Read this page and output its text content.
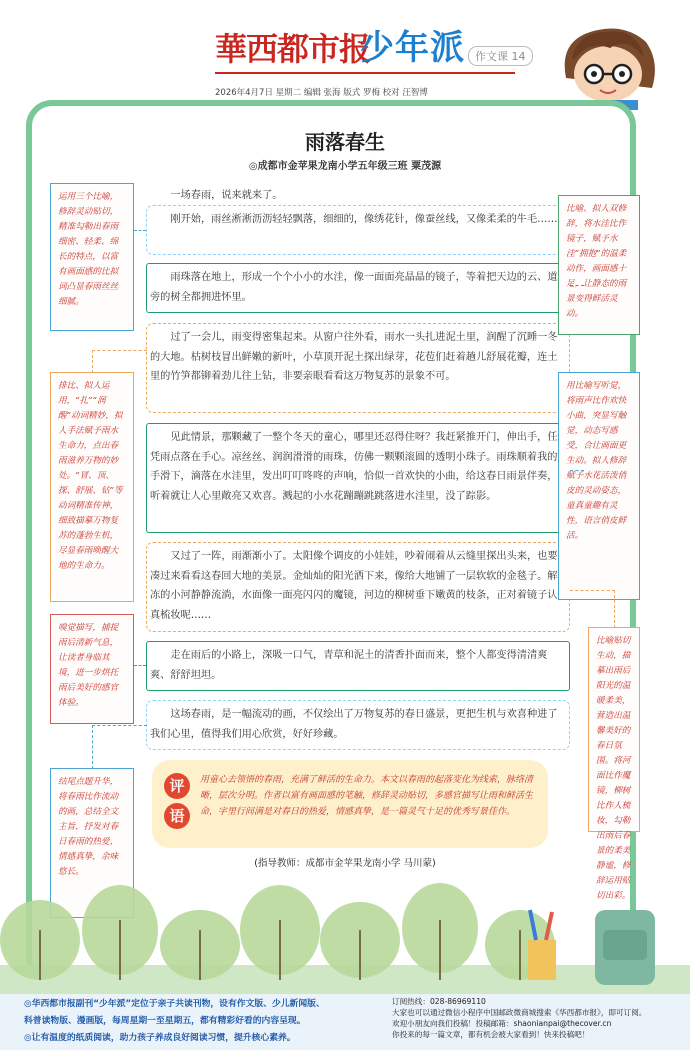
華西都市报
少年派 作文课 14
2026年4月7日 星期二 编辑 张海 版式 罗梅 校对 汪智博
雨落春生
◎成都市金苹果龙南小学五年级三班 粟茂源
一场春雨，说来就来了。
刚开始，雨丝淅淅沥沥轻轻飘落，细细的，像绣花针，像蚕丝线，又像柔柔的牛毛……
雨珠落在地上，形成一个个小小的水洼，像一面面亮晶晶的镜子，等着把天边的云、道旁的树全都拥进怀里。
过了一会儿，雨变得密集起来。从窗户往外看，雨水一头扎进泥土里，润醒了沉睡一冬的大地。枯树枝冒出鲜嫩的新叶，小草顶开泥土探出绿芽，花苞们赶着趟儿舒展花瓣，连土里的竹笋都铆着劲儿往上钻，非要亲眼看看这万物复苏的景象不可。
见此情景，那颗藏了一整个冬天的童心，哪里还忍得住呀？我赶紧推开门，伸出手，任凭雨点落在手心。凉丝丝、润润滑滑的雨珠，仿佛一颗颗滚圆的透明小珠子。雨珠顺着我的手滑下，滴落在水洼里，发出叮叮咚咚的声响，恰似一首欢快的小曲，给这春日雨景伴奏，听着就让人心里敞亮又欢喜。溅起的小水花蹦蹦跳跳落进水洼里，没了踪影。
又过了一阵，雨渐渐小了。太阳像个调皮的小娃娃，吵着闹着从云缝里探出头来，也要凑过来看看这春回大地的美景。金灿灿的阳光洒下来，像给大地铺了一层软软的金毯子。解冻的小河静静流淌，水面像一面亮闪闪的魔镜，河边的柳树垂下嫩黄的枝条，正对着镜子认真梳妆呢……
走在雨后的小路上，深吸一口气，青草和泥土的清香扑面而来，整个人都变得清清爽爽、舒舒坦坦。
这场春雨，是一幅流动的画，不仅绘出了万物复苏的春日盛景，更把生机与欢喜种进了我们心里，值得我们用心欣赏，好好珍藏。
运用三个比喻，修辞灵动贴切，精准勾勒出春雨细密、轻柔、绵长的特点，以富有画面感的比拟词凸显春雨丝丝细腻。
比喻、拟人双修辞，将水洼比作镜子，赋予水洼“拥抱”的温柔动作，画面感十足，让静态的雨景变得鲜活灵动。
排比、拟人运用，“扎”“润醒”动词精妙，拟人手法赋予雨水生命力，点出春雨滋养万物的妙处。“冒、顶、探、舒展、钻”等动词精准传神，细致描摹万物复苏的蓬勃生机，尽显春雨唤醒大地的生命力。
用比喻写听觉，将雨声比作欢快小曲，突显写触觉，动态写感受，合让画面更生动。拟人修辞赋予水花活泼俏皮的灵动姿态，童真童趣有灵性，语言俏皮鲜活。
嗅觉描写，捕捉雨后清新气息，让读者身临其境，进一步烘托雨后美好的感官体验。
比喻贴切生动，描摹出雨后阳光的温暖柔美，营造出温馨美好的春日氛围。将河面比作魔镜，柳树比作人梳妆，勾勒出雨后春景的柔美静谧，修辞运用贴切出彩。
结尾点题升华，将春雨比作流动的画，总结全文主旨，抒发对春日春雨的热爱，情感真挚，余味悠长。
评
语
用童心去领悟的春雨，充满了鲜活的生命力。本文以春雨的起落变化为线索，脉络清晰，层次分明。作者以富有画面感的笔触，修辞灵动贴切，多感官描写让雨和鲜活生命，字里行间满是对春日的热爱，情感真挚，是一篇灵气十足的优秀写景佳作。
(指导教师：成都市金苹果龙南小学 马川蒙)
◎华西都市报副刊“少年派”定位于亲子共读刊物，设有作文版、少儿新闻版、
科普读物版、漫画版，每周星期一至星期五，都有精彩好看的内容呈现。
◎让有温度的纸质阅读，助力孩子养成良好阅读习惯，提升核心素养。
订阅热线：028-86969110
大家也可以通过微信小程序中国邮政微商城搜索《华西都市报》，即可订阅。
欢迎小朋友向我们投稿！投稿邮箱：shaonianpai@thecover.cn
你投来的每一篇文章，都有机会被大家看到！快来投稿吧！
